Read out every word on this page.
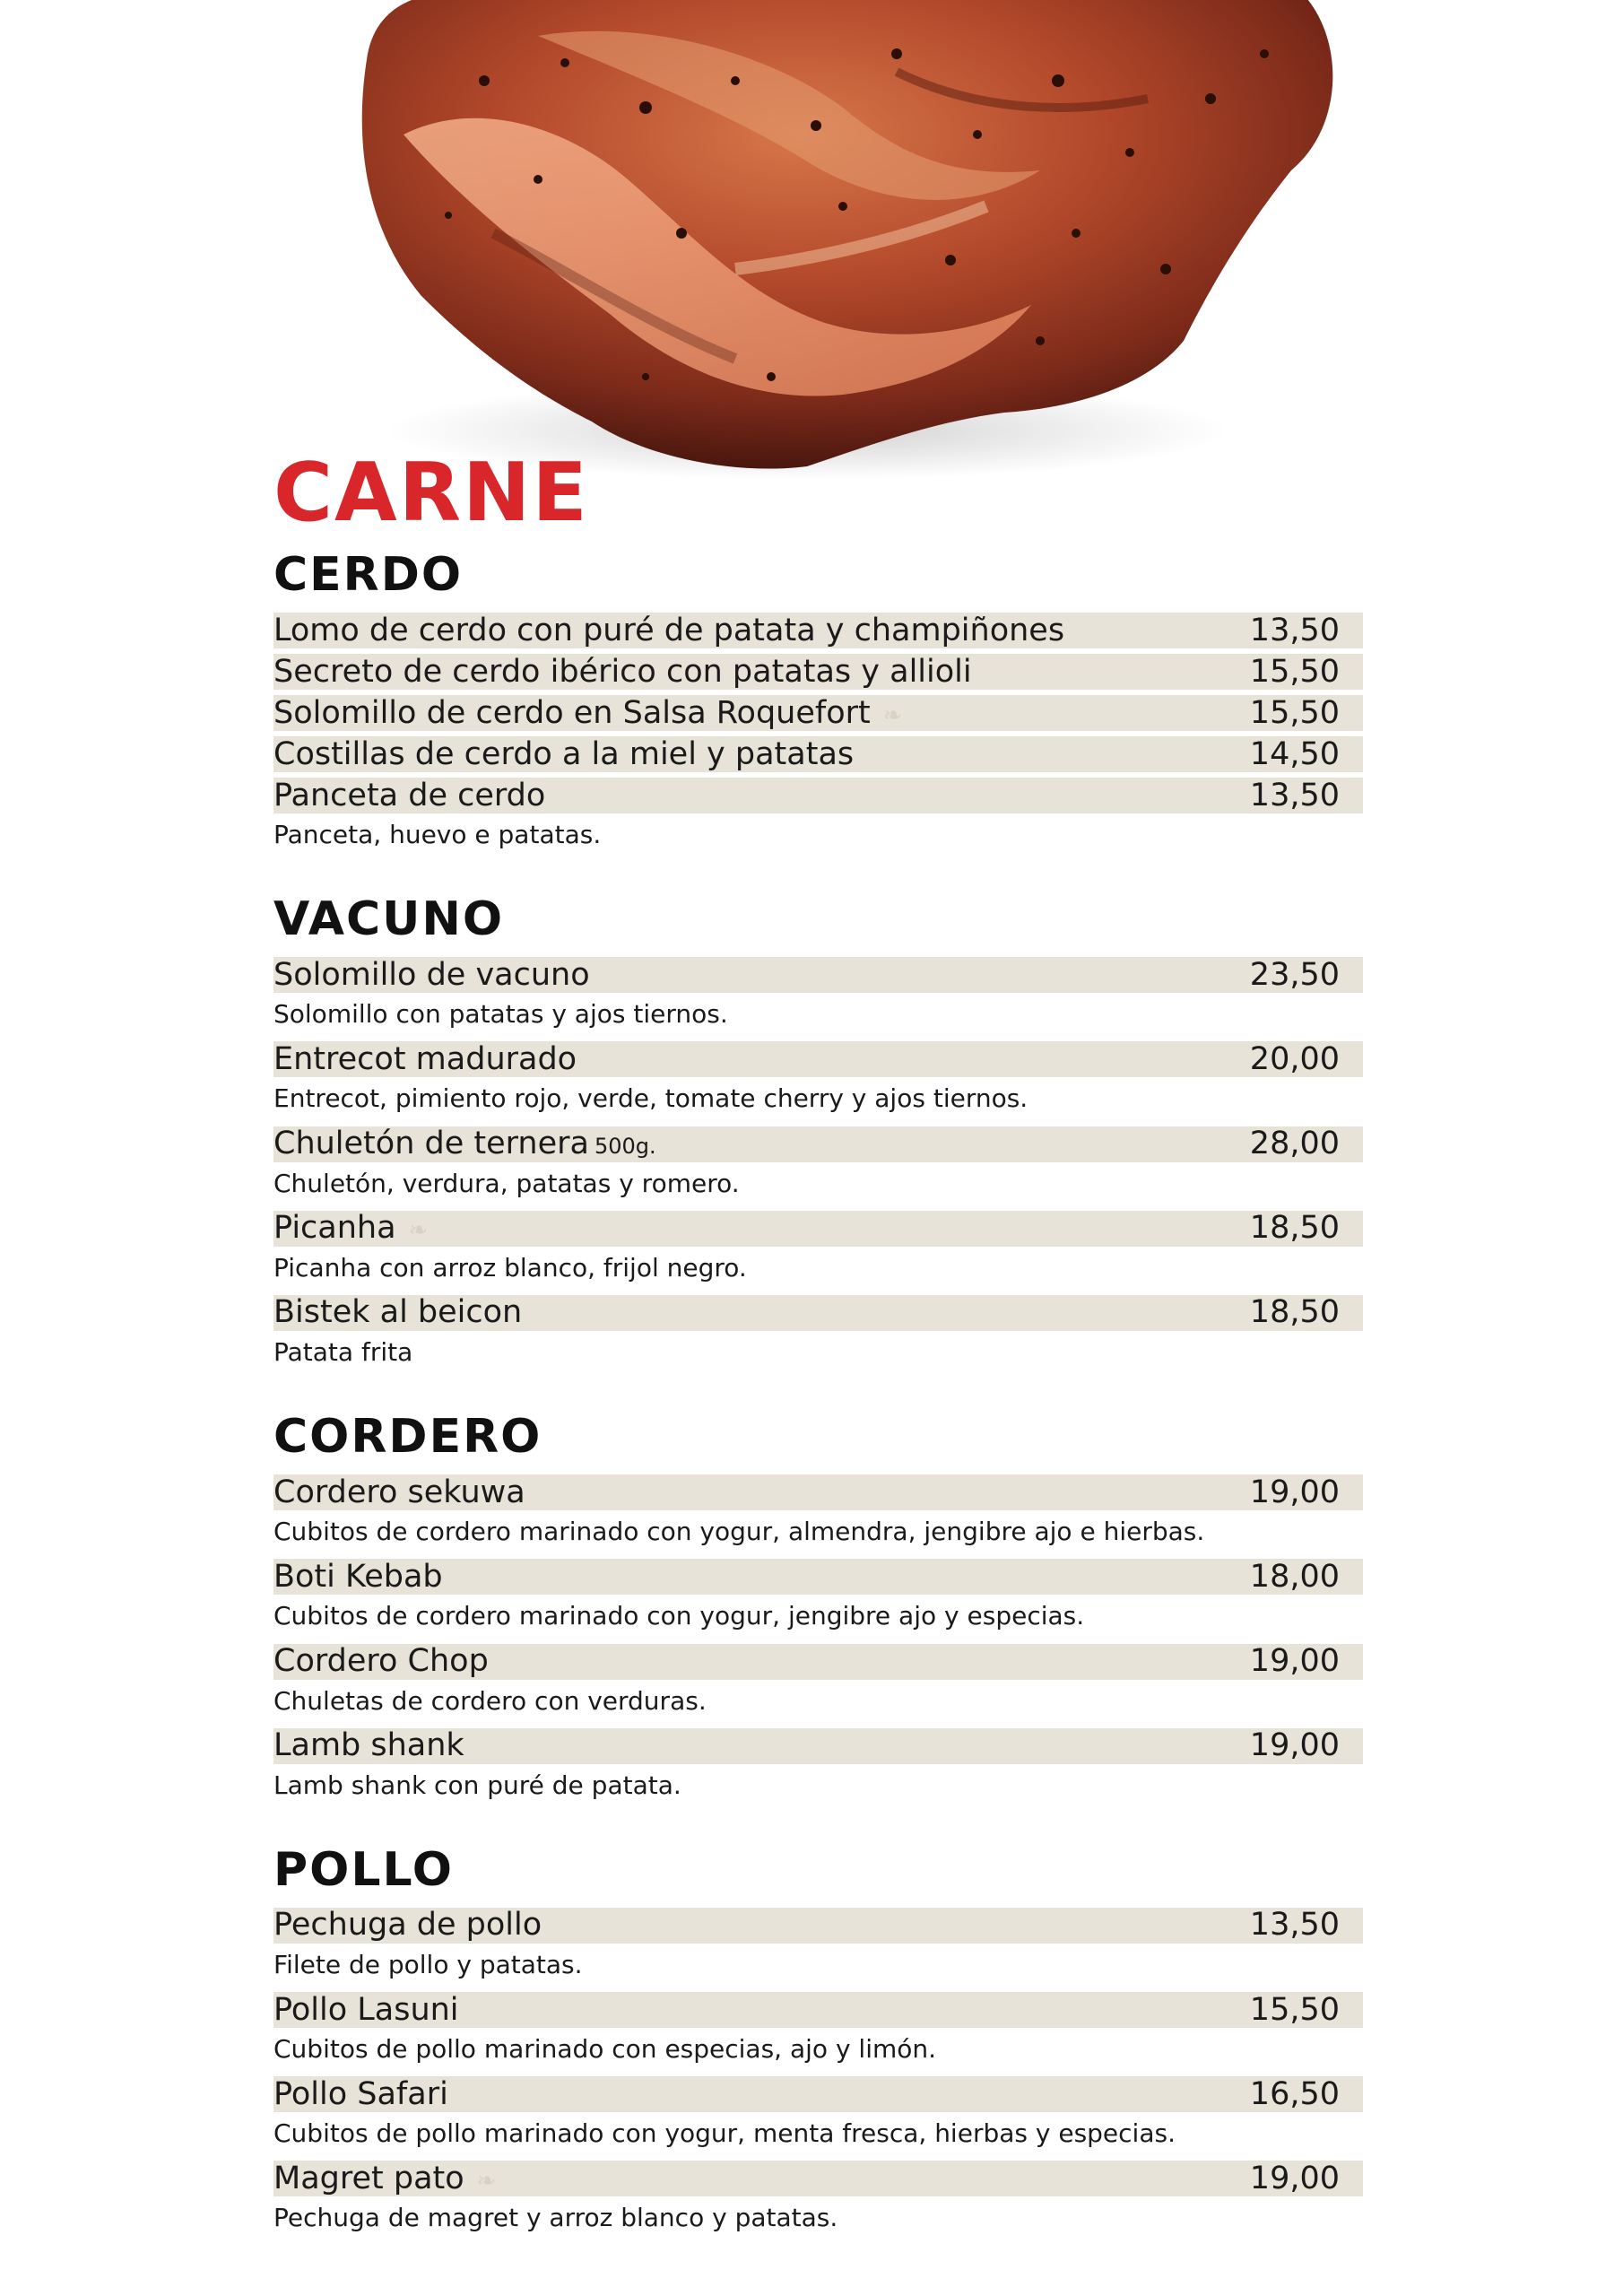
CARNE
CERDO
Lomo de cerdo con puré de patata y champiñones	13,50
Secreto de cerdo ibérico con patatas y allioli	15,50
Solomillo de cerdo en Salsa Roquefort ❧	15,50
Costillas de cerdo a la miel y patatas	14,50
Panceta de cerdo	13,50
Panceta, huevo e patatas.
VACUNO
Solomillo de vacuno	23,50
Solomillo con patatas y ajos tiernos.
Entrecot madurado	20,00
Entrecot, pimiento rojo, verde, tomate cherry y ajos tiernos.
Chuletón de ternera 500g.	28,00
Chuletón, verdura, patatas y romero.
Picanha ❧	18,50
Picanha con arroz blanco, frijol negro.
Bistek al beicon	18,50
Patata frita
CORDERO
Cordero sekuwa	19,00
Cubitos de cordero marinado con yogur, almendra, jengibre ajo e hierbas.
Boti Kebab	18,00
Cubitos de cordero marinado con yogur, jengibre ajo y especias.
Cordero Chop	19,00
Chuletas de cordero con verduras.
Lamb shank	19,00
Lamb shank con puré de patata.
POLLO
Pechuga de pollo	13,50
Filete de pollo y patatas.
Pollo Lasuni	15,50
Cubitos de pollo marinado con especias, ajo y limón.
Pollo Safari	16,50
Cubitos de pollo marinado con yogur, menta fresca, hierbas y especias.
Magret pato ❧	19,00
Pechuga de magret y arroz blanco y patatas.
